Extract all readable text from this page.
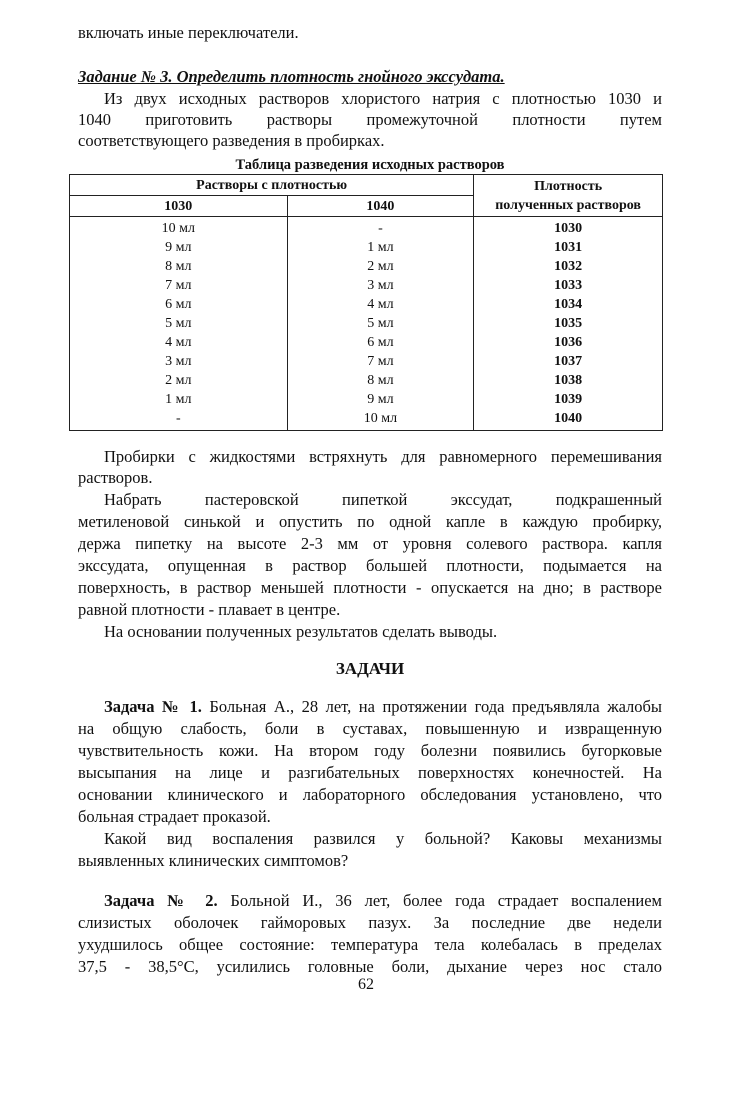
включать иные переключатели.
Задание № 3. Определить плотность гнойного экссудата.
Из двух исходных растворов хлористого натрия с плотностью 1030 и
1040 приготовить растворы промежуточной плотности путем
соответствующего разведения в пробирках.
Таблица разведения исходных растворов
Растворы с плотностью		Плотность
полученных растворов

1030	1040	
10 мл	-	1030
9 мл	1 мл	1031
8 мл	2 мл	1032
7 мл	3 мл	1033
6 мл	4 мл	1034
5 мл	5 мл	1035
4 мл	6 мл	1036
3 мл	7 мл	1037
2 мл	8 мл	1038
1 мл	9 мл	1039
-	10 мл	1040
Пробирки с жидкостями встряхнуть для равномерного перемешивания
растворов.
Набрать пастеровской пипеткой экссудат, подкрашенный
метиленовой синькой и опустить по одной капле в каждую пробирку,
держа пипетку на высоте 2-3 мм от уровня солевого раствора. капля
экссудата, опущенная в раствор большей плотности, подымается на
поверхность, в раствор меньшей плотности - опускается на дно; в растворе
равной плотности - плавает в центре.
На основании полученных результатов сделать выводы.
ЗАДАЧИ
Задача № 1. Больная А., 28 лет, на протяжении года предъявляла жалобы
на общую слабость, боли в суставах, повышенную и извращенную
чувствительность кожи. На втором году болезни появились бугорковые
высыпания на лице и разгибательных поверхностях конечностей. На
основании клинического и лабораторного обследования установлено, что
больная страдает проказой.
Какой вид воспаления развился у больной? Каковы механизмы
выявленных клинических симптомов?
Задача № 2. Больной И., 36 лет, более года страдает воспалением
слизистых оболочек гайморовых пазух. За последние две недели
ухудшилось общее состояние: температура тела колебалась в пределах
37,5 - 38,5°С, усилились головные боли, дыхание через нос стало
62
